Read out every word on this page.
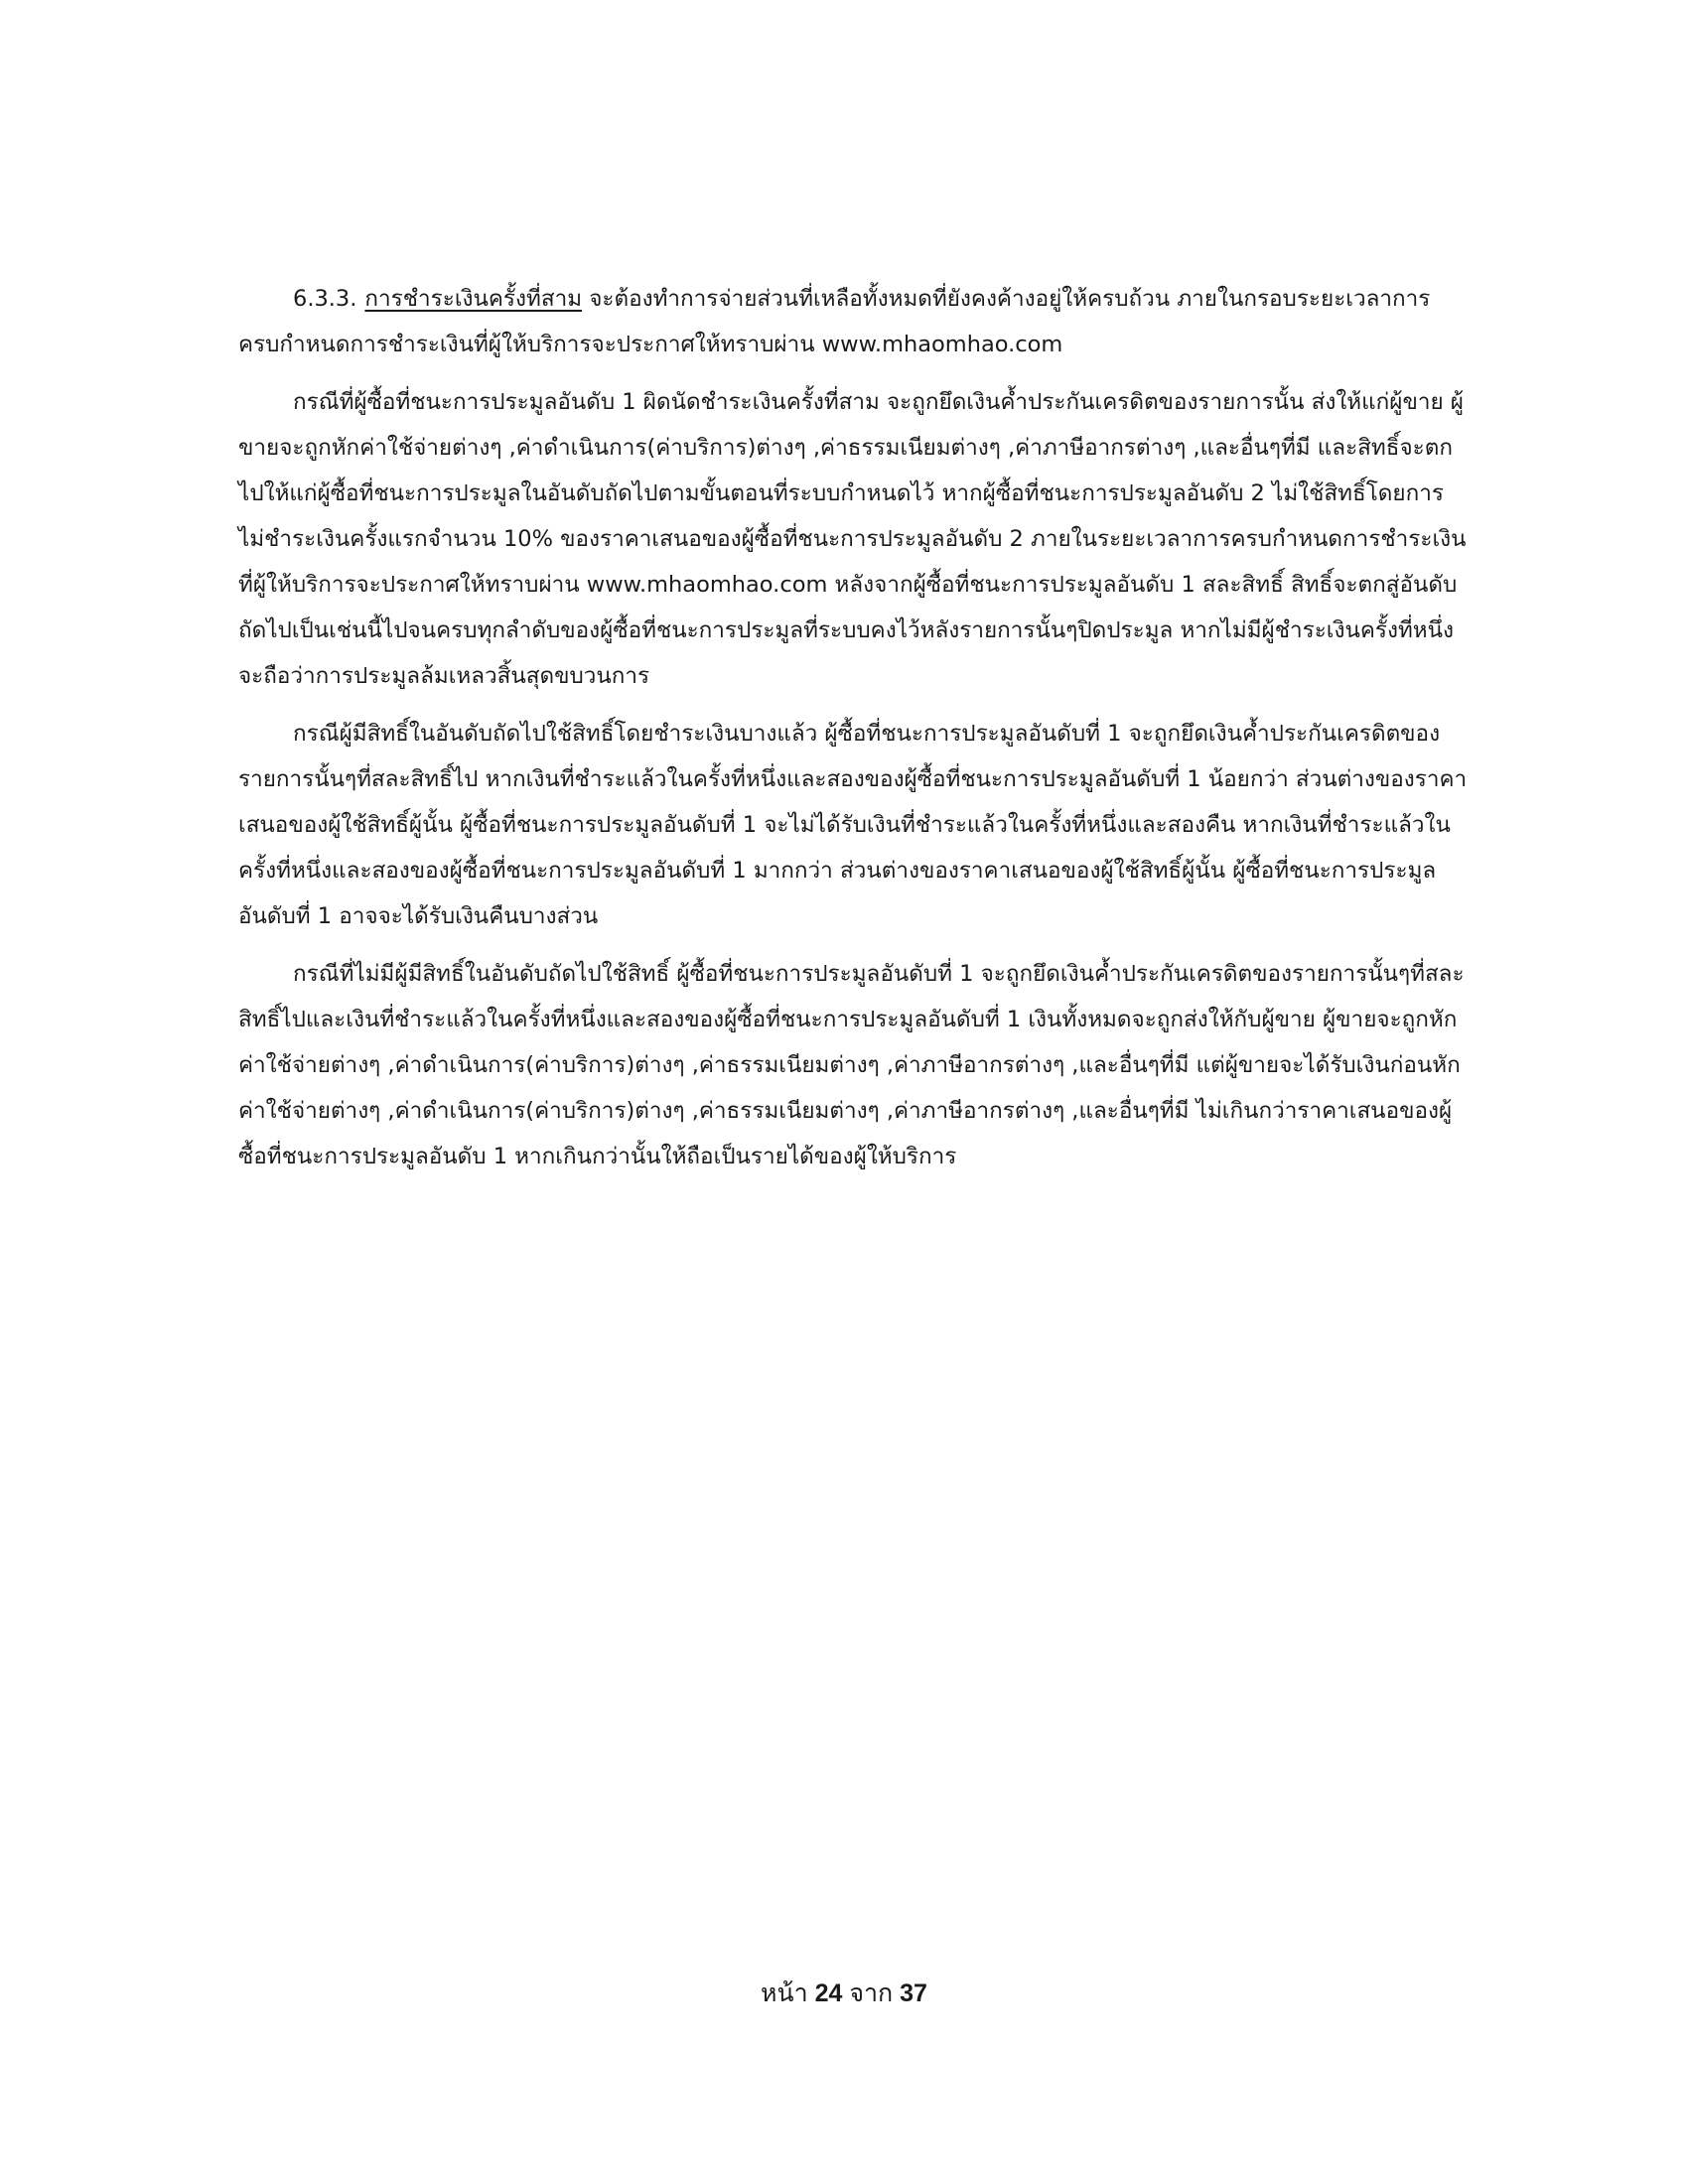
6.3.3. การชำระเงินครั้งที่สาม จะต้องทำการจ่ายส่วนที่เหลือทั้งหมดที่ยังคงค้างอยู่ให้ครบถ้วน ภายในกรอบระยะเวลาการครบกำหนดการชำระเงินที่ผู้ให้บริการจะประกาศให้ทราบผ่าน www.mhaomhao.com

กรณีที่ผู้ซื้อที่ชนะการประมูลอันดับ 1 ผิดนัดชำระเงินครั้งที่สาม จะถูกยึดเงินค้ำประกันเครดิตของรายการนั้น ส่งให้แก่ผู้ขาย ผู้ขายจะถูกหักค่าใช้จ่ายต่างๆ ,ค่าดำเนินการ(ค่าบริการ)ต่างๆ ,ค่าธรรมเนียมต่างๆ ,ค่าภาษีอากรต่างๆ ,และอื่นๆที่มี และสิทธิ์จะตกไปให้แก่ผู้ซื้อที่ชนะการประมูลในอันดับถัดไปตามขั้นตอนที่ระบบกำหนดไว้ หากผู้ซื้อที่ชนะการประมูลอันดับ 2 ไม่ใช้สิทธิ์โดยการไม่ชำระเงินครั้งแรกจำนวน 10% ของราคาเสนอของผู้ซื้อที่ชนะการประมูลอันดับ 2 ภายในระยะเวลาการครบกำหนดการชำระเงินที่ผู้ให้บริการจะประกาศให้ทราบผ่าน www.mhaomhao.com หลังจากผู้ซื้อที่ชนะการประมูลอันดับ 1 สละสิทธิ์ สิทธิ์จะตกสู่อันดับถัดไปเป็นเช่นนี้ไปจนครบทุกลำดับของผู้ซื้อที่ชนะการประมูลที่ระบบคงไว้หลังรายการนั้นๆปิดประมูล หากไม่มีผู้ชำระเงินครั้งที่หนึ่งจะถือว่าการประมูลล้มเหลวสิ้นสุดขบวนการ

กรณีผู้มีสิทธิ์ในอันดับถัดไปใช้สิทธิ์โดยชำระเงินบางแล้ว ผู้ซื้อที่ชนะการประมูลอันดับที่ 1 จะถูกยึดเงินค้ำประกันเครดิตของรายการนั้นๆที่สละสิทธิ์ไป หากเงินที่ชำระแล้วในครั้งที่หนึ่งและสองของผู้ซื้อที่ชนะการประมูลอันดับที่ 1 น้อยกว่า ส่วนต่างของราคาเสนอของผู้ใช้สิทธิ์ผู้นั้น ผู้ซื้อที่ชนะการประมูลอันดับที่ 1 จะไม่ได้รับเงินที่ชำระแล้วในครั้งที่หนึ่งและสองคืน หากเงินที่ชำระแล้วในครั้งที่หนึ่งและสองของผู้ซื้อที่ชนะการประมูลอันดับที่ 1 มากกว่า ส่วนต่างของราคาเสนอของผู้ใช้สิทธิ์ผู้นั้น ผู้ซื้อที่ชนะการประมูลอันดับที่ 1 อาจจะได้รับเงินคืนบางส่วน

กรณีที่ไม่มีผู้มีสิทธิ์ในอันดับถัดไปใช้สิทธิ์ ผู้ซื้อที่ชนะการประมูลอันดับที่ 1 จะถูกยึดเงินค้ำประกันเครดิตของรายการนั้นๆที่สละสิทธิ์ไปและเงินที่ชำระแล้วในครั้งที่หนึ่งและสองของผู้ซื้อที่ชนะการประมูลอันดับที่ 1 เงินทั้งหมดจะถูกส่งให้กับผู้ขาย ผู้ขายจะถูกหักค่าใช้จ่ายต่างๆ ,ค่าดำเนินการ(ค่าบริการ)ต่างๆ ,ค่าธรรมเนียมต่างๆ ,ค่าภาษีอากรต่างๆ ,และอื่นๆที่มี แต่ผู้ขายจะได้รับเงินก่อนหักค่าใช้จ่ายต่างๆ ,ค่าดำเนินการ(ค่าบริการ)ต่างๆ ,ค่าธรรมเนียมต่างๆ ,ค่าภาษีอากรต่างๆ ,และอื่นๆที่มี ไม่เกินกว่าราคาเสนอของผู้ซื้อที่ชนะการประมูลอันดับ 1 หากเกินกว่านั้นให้ถือเป็นรายได้ของผู้ให้บริการ

หน้า 24 จาก 37
